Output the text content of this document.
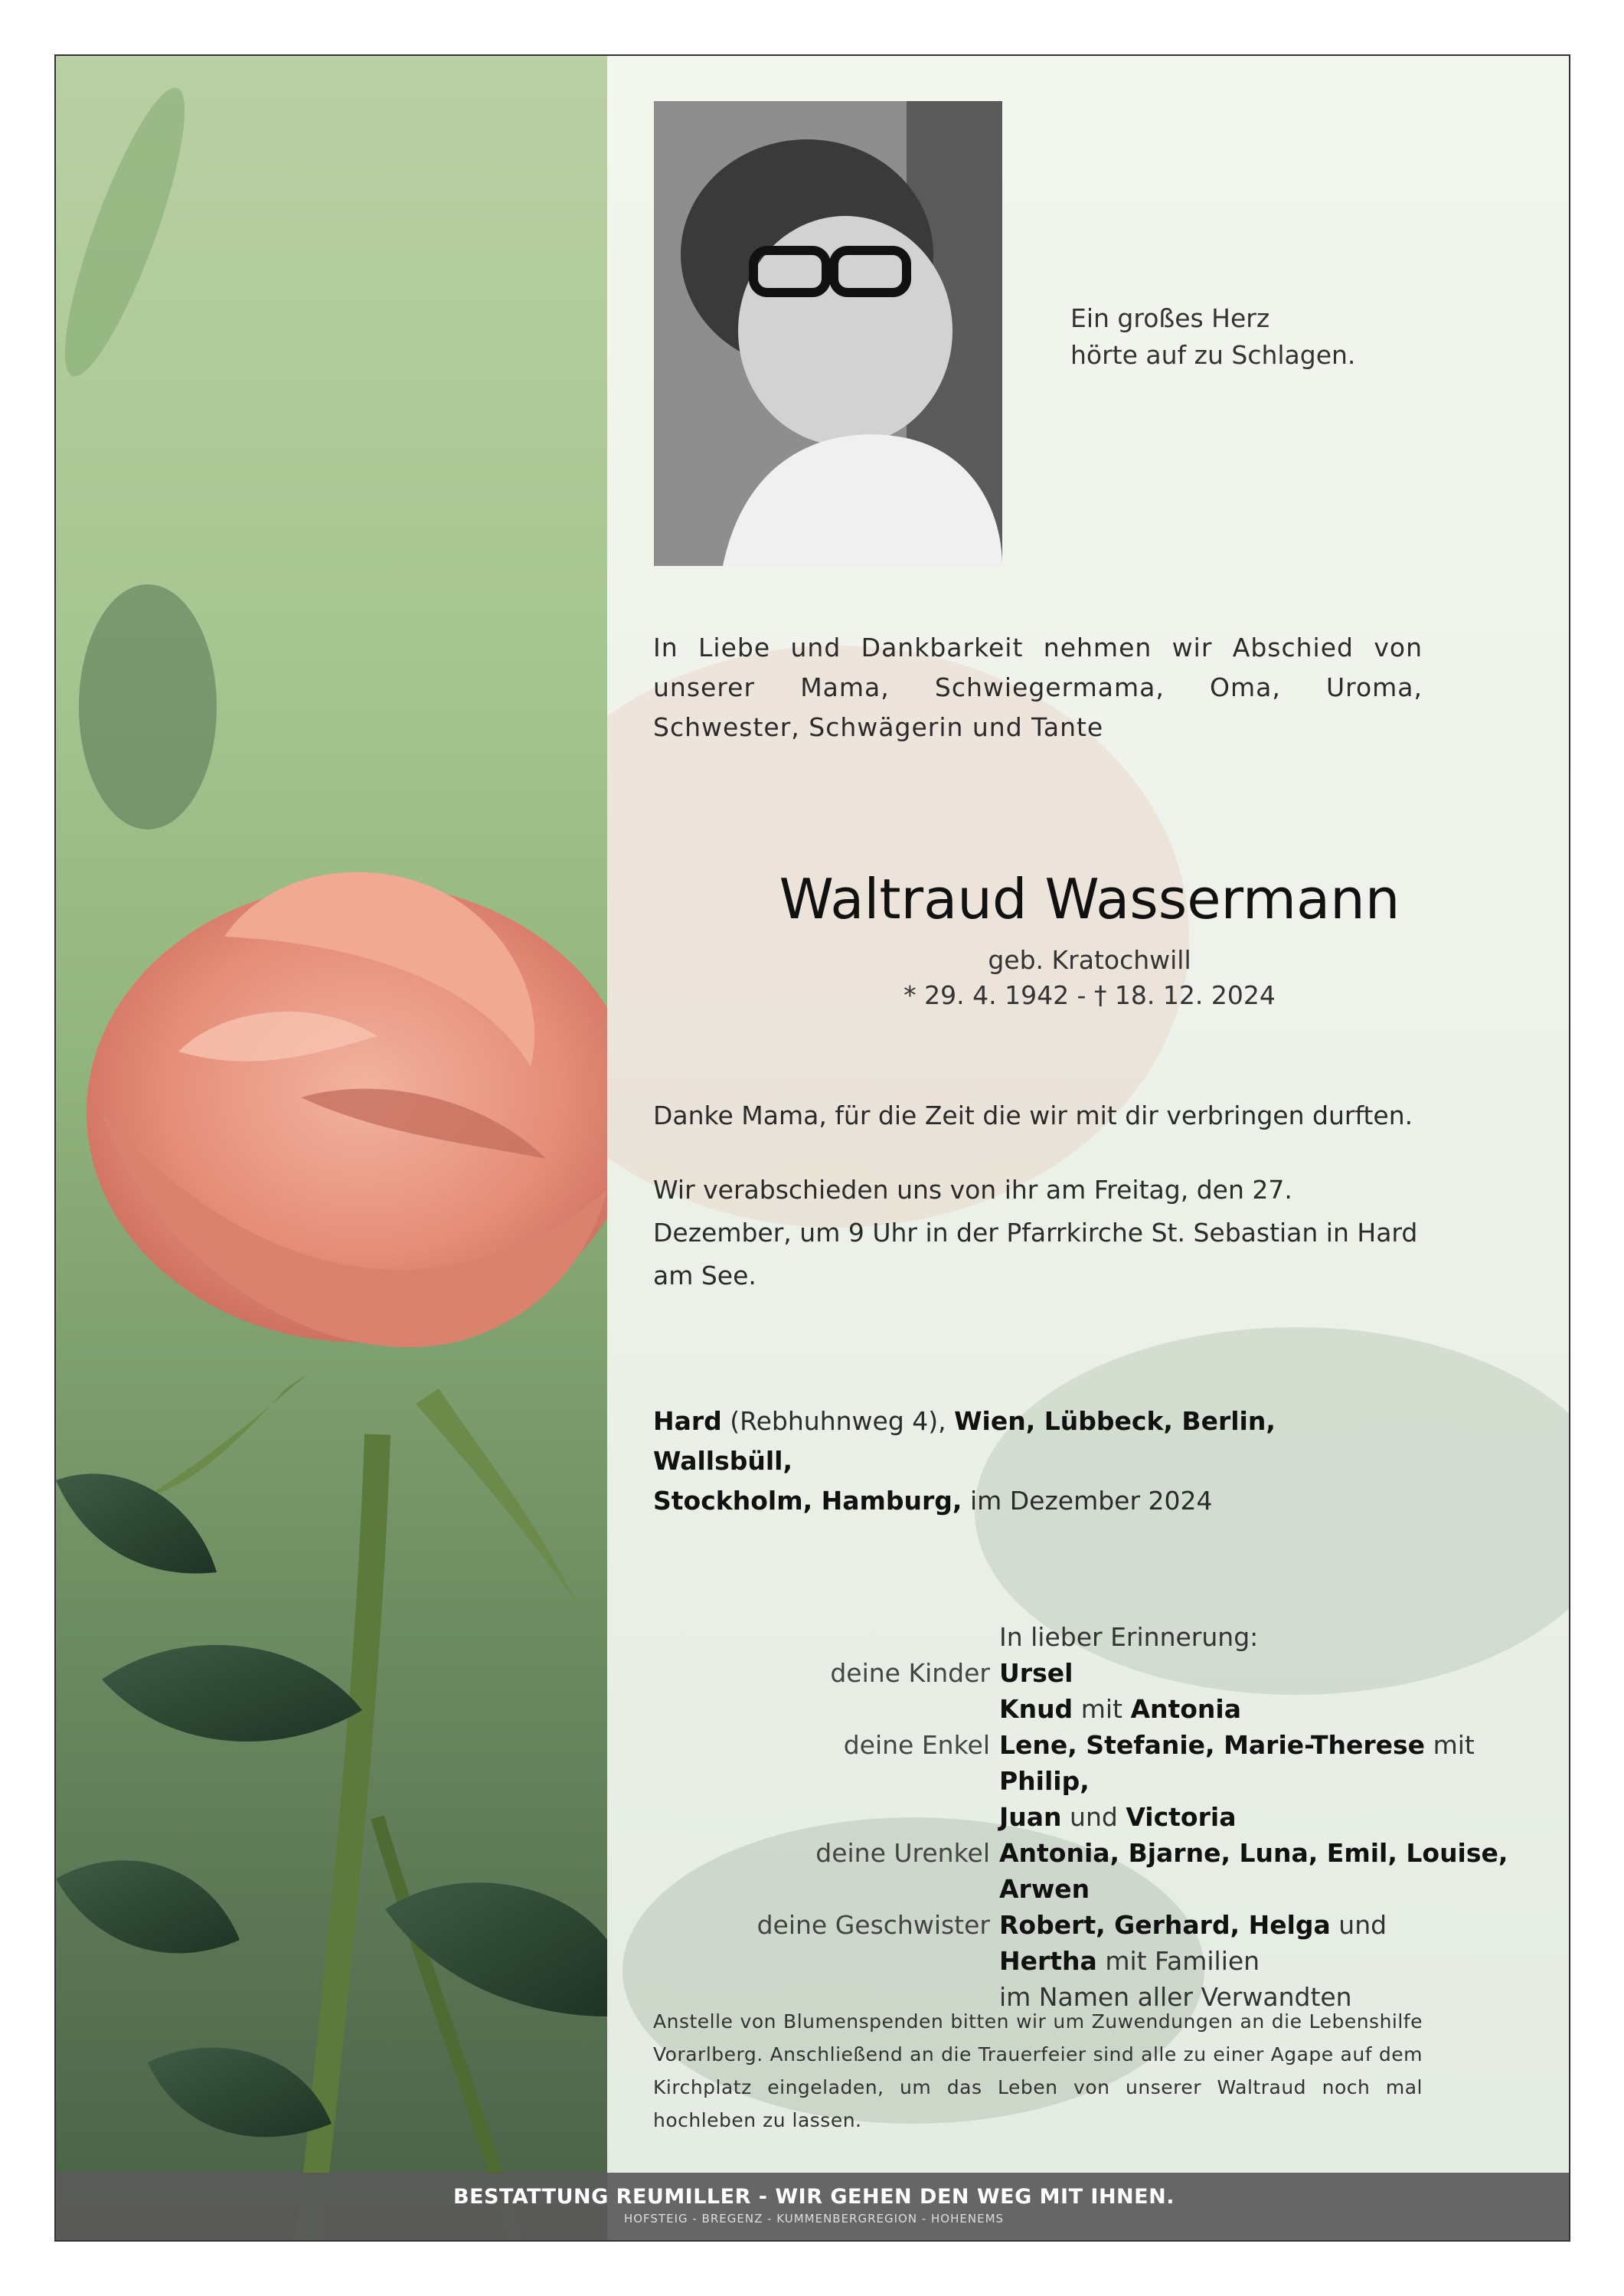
Ein großes Herz
hörte auf zu Schlagen.
In Liebe und Dankbarkeit nehmen wir Abschied von unserer Mama, Schwiegermama, Oma, Uroma, Schwester, Schwägerin und Tante
Waltraud Wassermann
geb. Kratochwill
* 29. 4. 1942 - † 18. 12. 2024
Danke Mama, für die Zeit die wir mit dir verbringen durften.
Wir verabschieden uns von ihr am Freitag, den 27. Dezember, um 9 Uhr in der Pfarrkirche St. Sebastian in Hard am See.
Hard (Rebhuhnweg 4), Wien, Lübbeck, Berlin, Wallsbüll,
Stockholm, Hamburg, im Dezember 2024
In lieber Erinnerung:
deine Kinder Ursel
Knud mit Antonia
deine Enkel Lene, Stefanie, Marie-Therese mit Philip,
Juan und Victoria
deine Urenkel Antonia, Bjarne, Luna, Emil, Louise, Arwen
deine Geschwister Robert, Gerhard, Helga und
Hertha mit Familien
im Namen aller Verwandten
Anstelle von Blumenspenden bitten wir um Zuwendungen an die Lebenshilfe Vorarlberg. Anschließend an die Trauerfeier sind alle zu einer Agape auf dem Kirchplatz eingeladen, um das Leben von unserer Waltraud noch mal hochleben zu lassen.
BESTATTUNG REUMILLER - WIR GEHEN DEN WEG MIT IHNEN.
HOFSTEIG - BREGENZ - KUMMENBERGREGION - HOHENEMS
